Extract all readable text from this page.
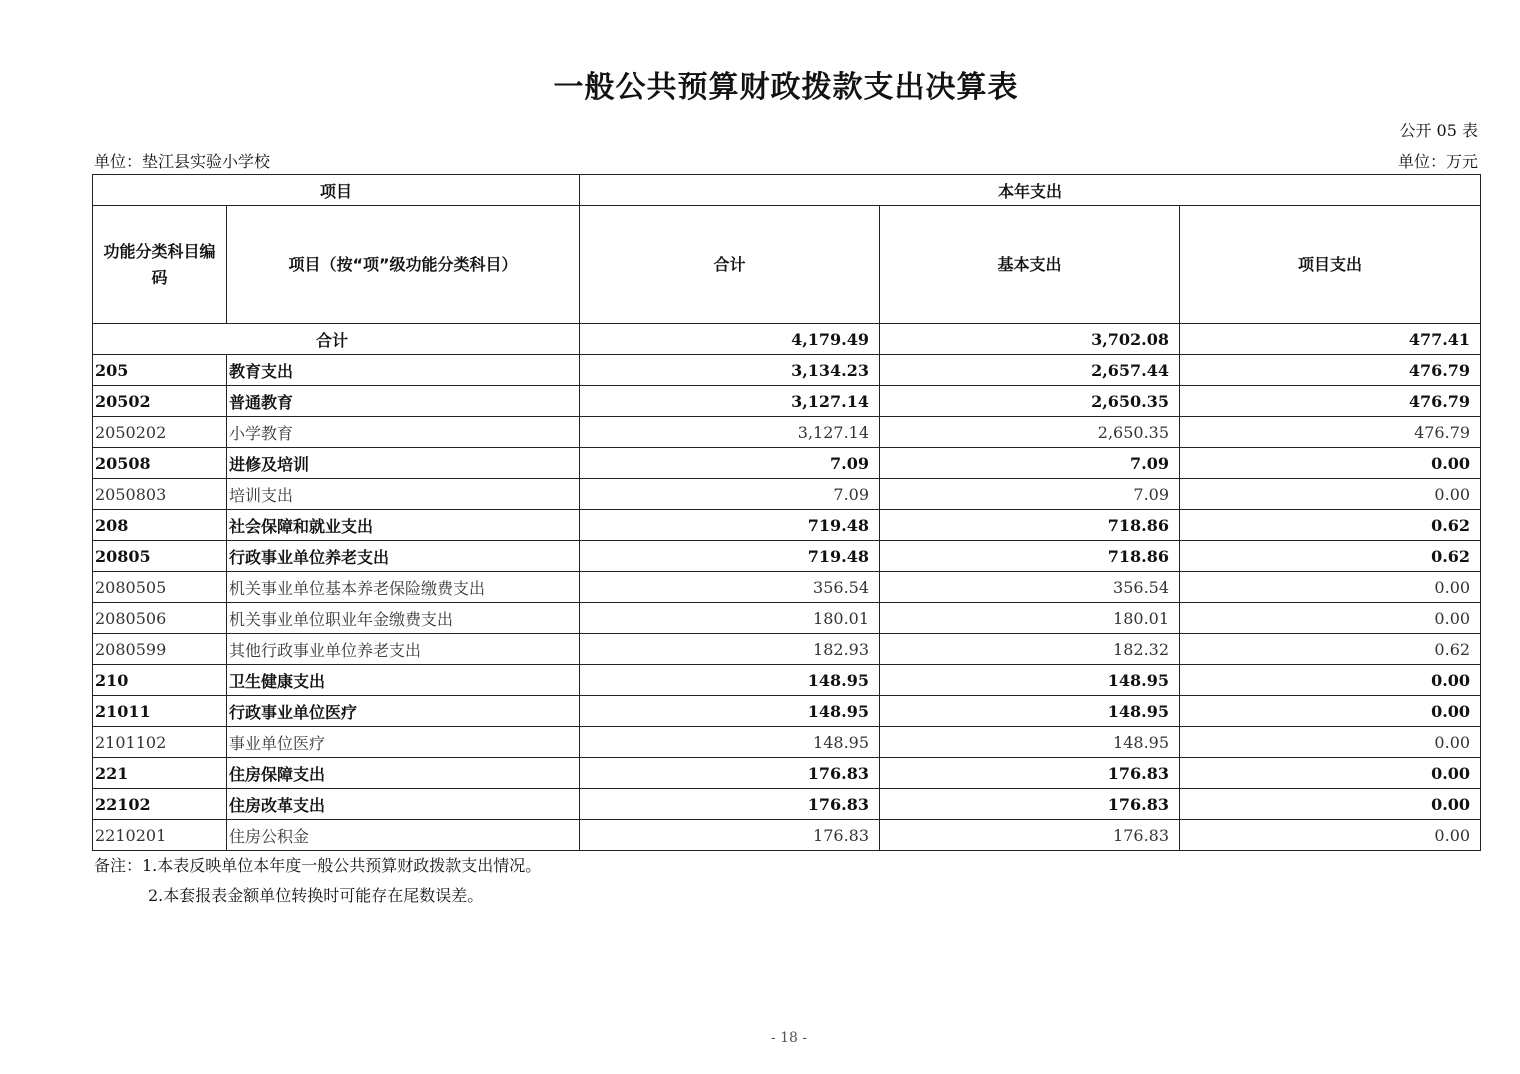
一般公共预算财政拨款支出决算表
公开 05 表
单位：垫江县实验小学校	单位：万元
项目		本年支出		
功能分类科目编码	项目（按“项”级功能分类科目）	合计	基本支出	项目支出
合计		4,179.49	3,702.08	477.41
205	教育支出	3,134.23	2,657.44	476.79
20502	普通教育	3,127.14	2,650.35	476.79
2050202	小学教育	3,127.14	2,650.35	476.79
20508	进修及培训	7.09	7.09	0.00
2050803	培训支出	7.09	7.09	0.00
208	社会保障和就业支出	719.48	718.86	0.62
20805	行政事业单位养老支出	719.48	718.86	0.62
2080505	机关事业单位基本养老保险缴费支出	356.54	356.54	0.00
2080506	机关事业单位职业年金缴费支出	180.01	180.01	0.00
2080599	其他行政事业单位养老支出	182.93	182.32	0.62
210	卫生健康支出	148.95	148.95	0.00
21011	行政事业单位医疗	148.95	148.95	0.00
2101102	事业单位医疗	148.95	148.95	0.00
221	住房保障支出	176.83	176.83	0.00
22102	住房改革支出	176.83	176.83	0.00
2210201	住房公积金	176.83	176.83	0.00
备注：1.本表反映单位本年度一般公共预算财政拨款支出情况。
2.本套报表金额单位转换时可能存在尾数误差。
- 18 -
